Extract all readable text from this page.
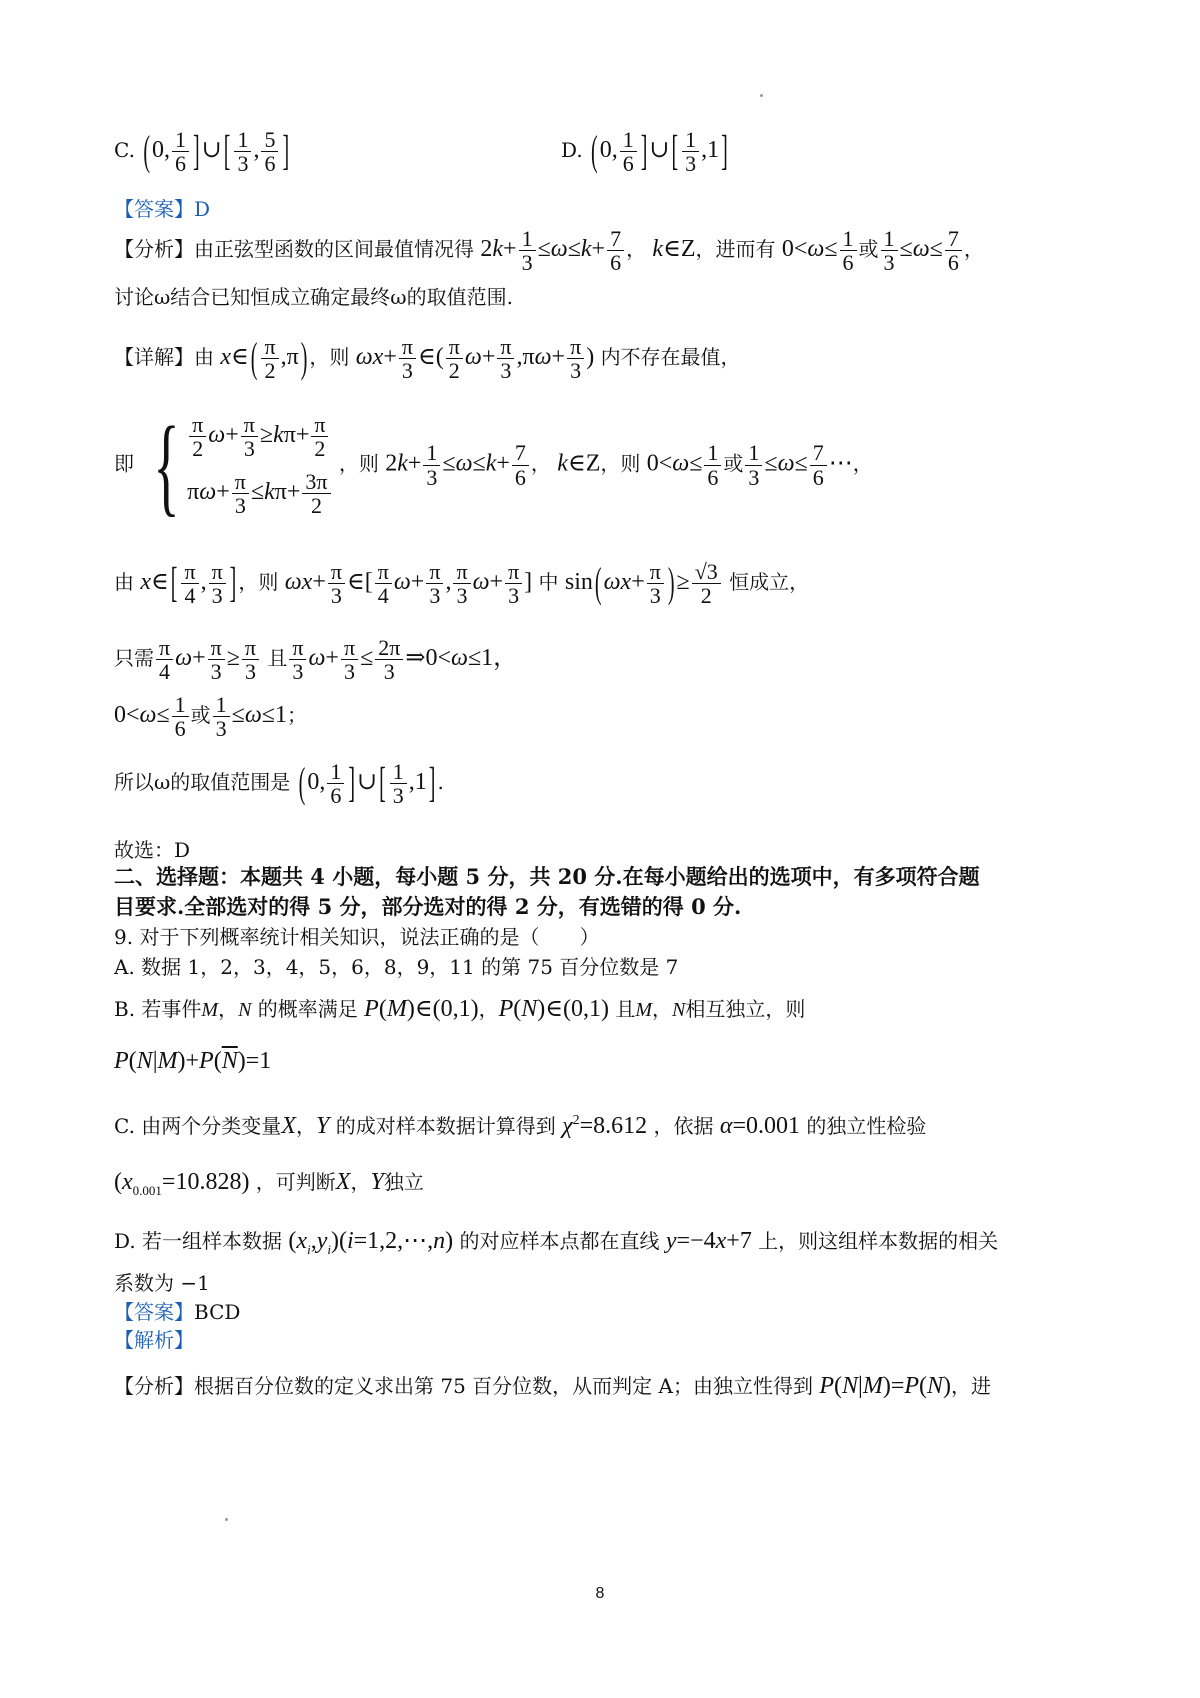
C. (0, $\frac{1}{6}$ ]∪ [ $\frac{1}{3}$ , $\frac{5}{6}$ ]	D. (0, $\frac{1}{6}$ ]∪ [ $\frac{1}{3} ,1$ ]
【答案】D
【分析】由正弦型函数的区间最值情况得 $2k+ \frac{1}{3} \le\omega\le k+ \frac{7}{6}$ ， k∈Z，进而有 $0<\omega\le \frac{1}{6}$ 或 $\frac{1}{3} \le\omega\le \frac{7}{6}$ ，
讨论ω结合已知恒成立确定最终ω的取值范围.
【详解】由 x∈ ( $\frac{\pi}{2} ,\pi$ ) ，则 $\omega x+ \frac{\pi}{3}$ ∈( $\frac{\pi}{2} \omega+ \frac{\pi}{3} ,\pi\omega+ \frac{\pi}{3}$ ) 内不存在最值，
即 { $\frac{\pi}{2} \omega+ \frac{\pi}{3} \ge k\pi+ \frac{\pi}{2}$
$\pi\omega+ \frac{\pi}{3} \le k\pi+ \frac{3\pi}{2}$
，则 $2k+ \frac{1}{3} \le\omega\le k+ \frac{7}{6}$ ， k∈Z，则 $0<\omega\le \frac{1}{6}$ 或 $\frac{1}{3} \le\omega\le \frac{7}{6}$ ⋯，
由 x∈ [ $\frac{\pi}{4}$ , $\frac{\pi}{3}$ ] ，则 $\omega x+ \frac{\pi}{3}$ ∈[ $\frac{\pi}{4} \omega+ \frac{\pi}{3}$ , $\frac{\pi}{3} \omega+ \frac{\pi}{3}$ ] 中 $\sin (\omega x+ \frac{\pi}{3}$ )≥ $\frac{√3}{2}$ 恒成立，
只需 $\frac{\pi}{4} \omega+ \frac{\pi}{3} \ge \frac{\pi}{3}$ 且 $\frac{\pi}{3} \omega+ \frac{\pi}{3} \le \frac{2\pi}{3}$ ⇒0<ω≤1，
$0<\omega\le \frac{1}{6}$ 或 $\frac{1}{3} \le\omega\le 1$；
所以ω的取值范围是 (0, $\frac{1}{6}$ ]∪ [ $\frac{1}{3} ,1$ ] .
故选：D
二、选择题：本题共 4 小题，每小题 5 分，共 20 分.在每小题给出的选项中，有多项符合题
目要求.全部选对的得 5 分，部分选对的得 2 分，有选错的得 0 分.
9. 对于下列概率统计相关知识，说法正确的是（　　）
A. 数据 1，2，3，4，5，6，8，9，11 的第 75 百分位数是 7
B. 若事件M，N 的概率满足 P(M)∈(0,1)，P(N)∈(0,1) 且M，N相互独立，则
$P(N|M)+P(\overline{N})=1$
C. 由两个分类变量X，Y 的成对样本数据计算得到 $\chi^2=8.612$ ，依据 α=0.001 的独立性检验
$(x_{0.001}=10.828)$ ，可判断X，Y独立
D. 若一组样本数据 $(x_i,y_i)(i=1,2,\cdots,n)$ 的对应样本点都在直线 y=−4x+7 上，则这组样本数据的相关
系数为 −1
【答案】BCD
【解析】
【分析】根据百分位数的定义求出第 75 百分位数，从而判定 A；由独立性得到 P(N|M)=P(N)，进
8
